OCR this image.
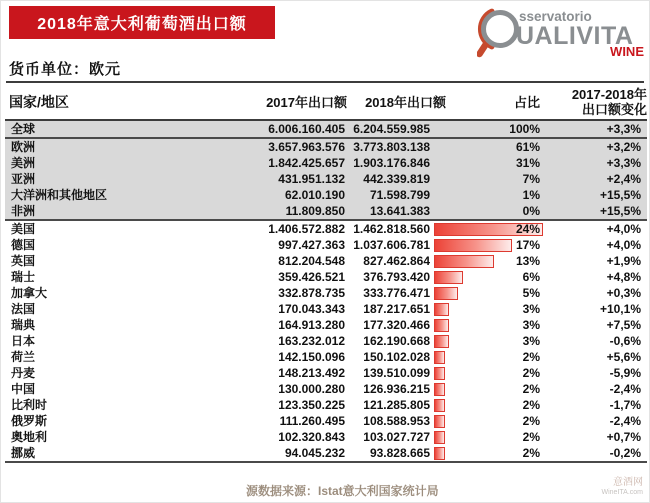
2018年意大利葡萄酒出口额	sservatorio
UALIVITA
WINE
货币单位：欧元
国家/地区	2017年出口额	2018年出口额	占比	2017-2018年
出口额变化

全球	6.006.160.405	6.204.559.985	100%	+3,3%
欧洲	3.657.963.576	3.773.803.138	61%	+3,2%
美洲	1.842.425.657	1.903.176.846	31%	+3,3%
亚洲	431.951.132	442.339.819	7%	+2,4%
大洋洲和其他地区	62.010.190	71.598.799	1%	+15,5%
非洲	11.809.850	13.641.383	0%	+15,5%
美国	1.406.572.882	1.462.818.560	24%	+4,0%
德国	997.427.363	1.037.606.781	17%	+4,0%
英国	812.204.548	827.462.864	13%	+1,9%
瑞士	359.426.521	376.793.420	6%	+4,8%
加拿大	332.878.735	333.776.471	5%	+0,3%
法国	170.043.343	187.217.651	3%	+10,1%
瑞典	164.913.280	177.320.466	3%	+7,5%
日本	163.232.012	162.190.668	3%	-0,6%
荷兰	142.150.096	150.102.028	2%	+5,6%
丹麦	148.213.492	139.510.099	2%	-5,9%
中国	130.000.280	126.936.215	2%	-2,4%
比利时	123.350.225	121.285.805	2%	-1,7%
俄罗斯	111.260.495	108.588.953	2%	-2,4%
奥地利	102.320.843	103.027.727	2%	+0,7%
挪威	94.045.232	93.828.665	2%	-0,2%
源数据来源：Istat意大利国家统计局
意酒网
WineITA.com
